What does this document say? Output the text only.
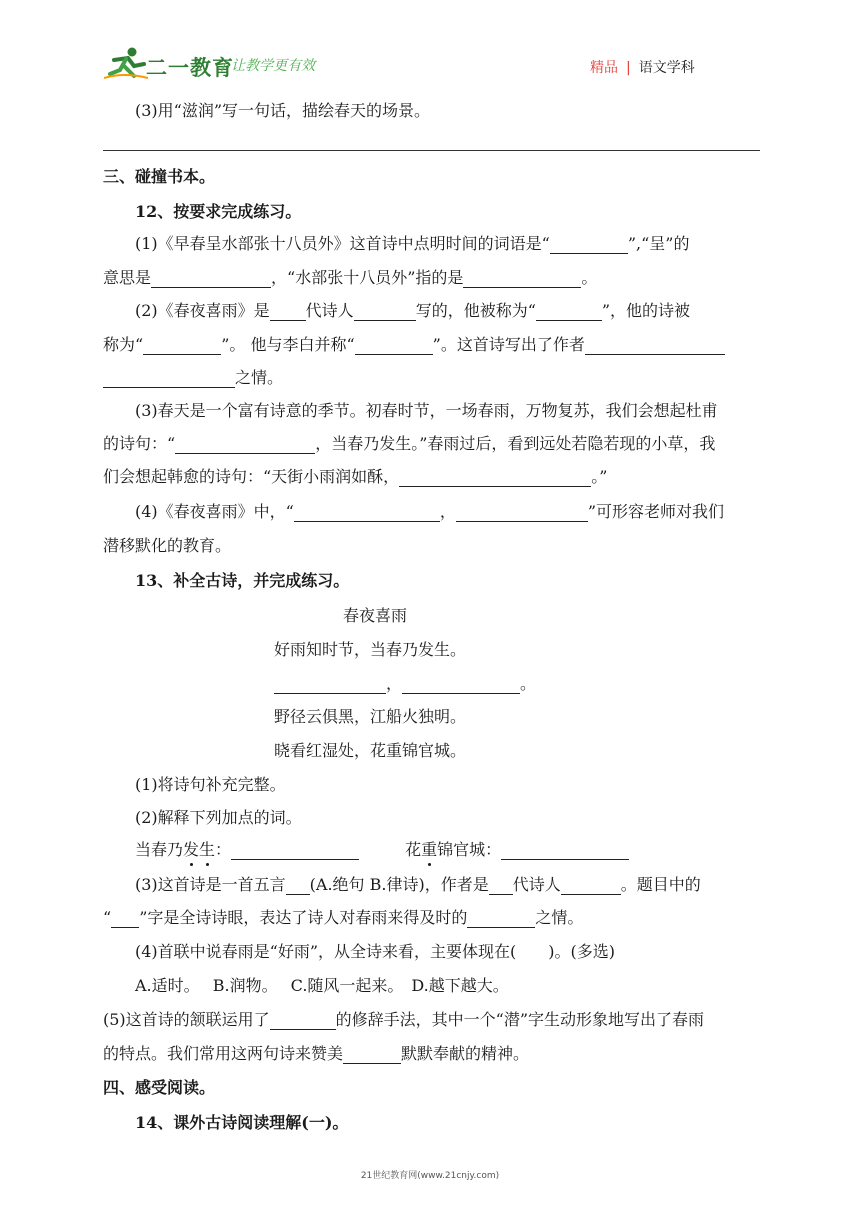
二一教育
/ 让教学更有效	精品 | 语文学科
(3)用“滋润”写一句话，描绘春天的场景。
三、碰撞书本。
12、按要求完成练习。
(1)《早春呈水部张十八员外》这首诗中点明时间的词语是“	”,“呈”的
意思是	，“水部张十八员外”指的是	。
(2)《春夜喜雨》是 代诗人	写的，他被称为“	”，他的诗被
称为“	”。 他与李白并称“	”。这首诗写出了作者
之情。
(3)春天是一个富有诗意的季节。初春时节，一场春雨，万物复苏，我们会想起杜甫
的诗句：“	，当春乃发生。”春雨过后，看到远处若隐若现的小草，我
们会想起韩愈的诗句：“天街小雨润如酥，	。”
(4)《春夜喜雨》中，“	，	”可形容老师对我们
潜移默化的教育。
13、补全古诗，并完成练习。
春夜喜雨
好雨知时节，当春乃发生。
，	。
野径云俱黑，江船火独明。
晓看红湿处，花重锦官城。
(1)将诗句补充完整。
(2)解释下列加点的词。
当春乃发生：	花重锦官城：
(3)这首诗是一首五言 (A.绝句 B.律诗)，作者是 代诗人	。题目中的
“ ”字是全诗诗眼，表达了诗人对春雨来得及时的	之情。
(4)首联中说春雨是“好雨”，从全诗来看，主要体现在(　　)。(多选)
A.适时。　 B.润物。　 C.随风一起来。　D.越下越大。
(5)这首诗的颔联运用了	的修辞手法，其中一个“潜”字生动形象地写出了春雨
的特点。我们常用这两句诗来赞美	默默奉献的精神。
四、感受阅读。
14、课外古诗阅读理解(一)。
21世纪教育网(www.21cnjy.com)
